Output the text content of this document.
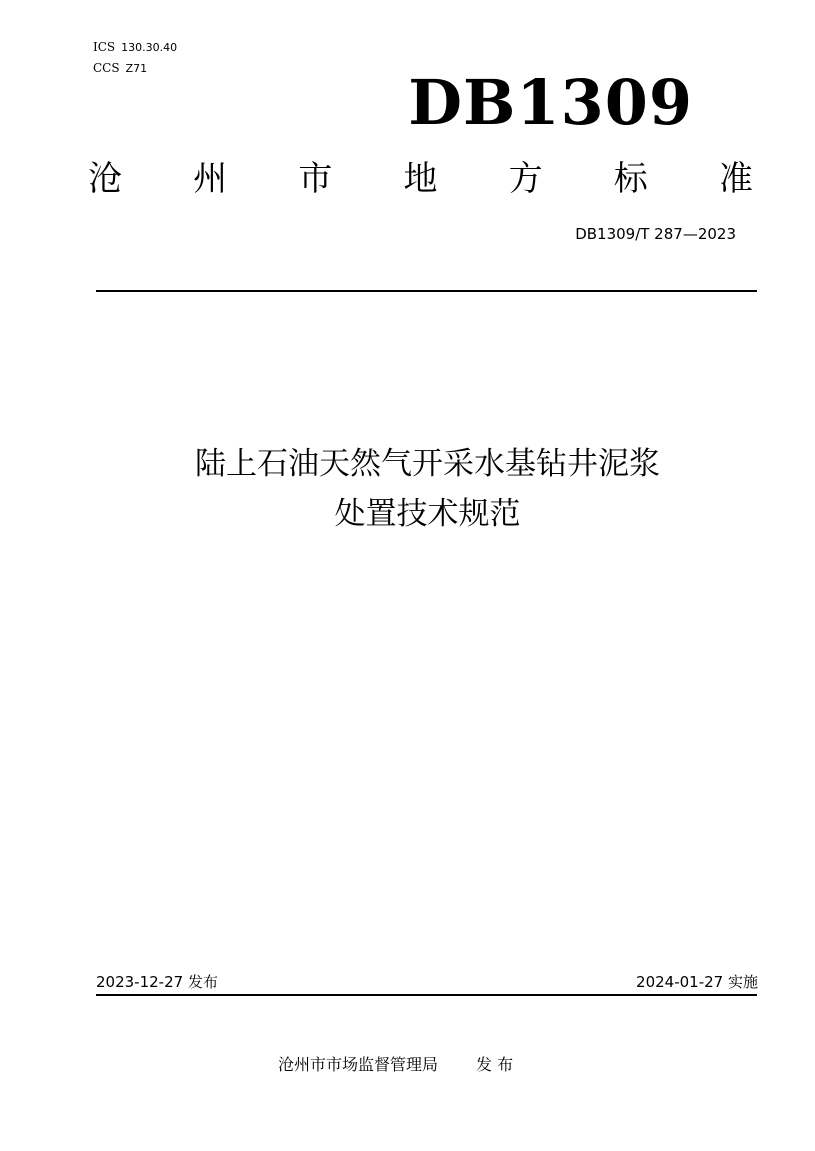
ICS 130.30.40
CCS Z71	DB1309
沧 州 市 地 方 标 准
DB1309/T 287—2023
陆上石油天然气开采水基钻井泥浆
处置技术规范
2023-12-27 发布	2024-01-27 实施
沧州市市场监督管理局 发 布
